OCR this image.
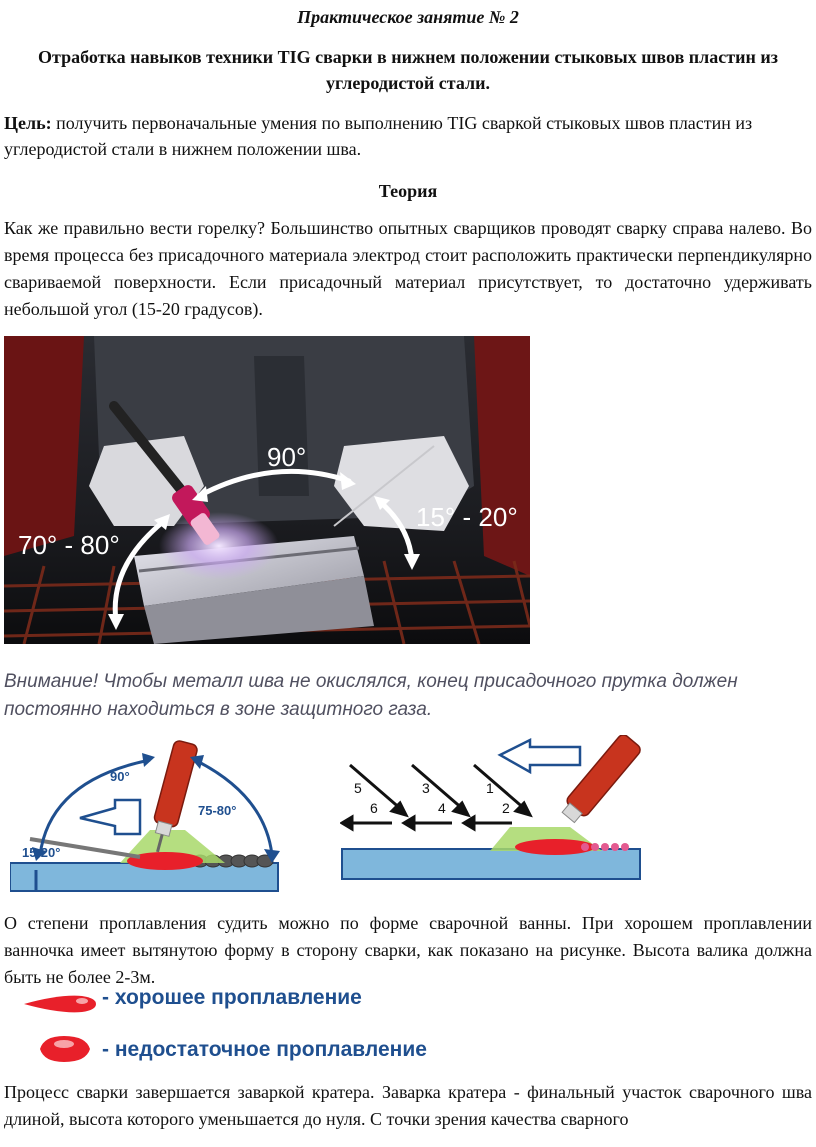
Практическое занятие № 2
Отработка навыков техники TIG сварки в нижнем положении стыковых швов пластин из углеродистой стали.
Цель: получить первоначальные умения по выполнению TIG сваркой стыковых швов пластин из углеродистой стали в нижнем положении шва.
Теория
Как же правильно вести горелку? Большинство опытных сварщиков проводят сварку справа налево. Во время процесса без присадочного материала электрод стоит расположить практически перпендикулярно свариваемой поверхности. Если присадочный материал присутствует, то достаточно удерживать небольшой угол (15-20 градусов).
90°
70° - 80°
15° - 20°
Внимание! Чтобы металл шва не окислялся, конец присадочного прутка должен постоянно находиться в зоне защитного газа.
90°
75-80°
15-20°
1
2
3
4
5
6
О степени проплавления судить можно по форме сварочной ванны. При хорошем проплавлении ванночка имеет вытянутою форму в сторону сварки, как показано на рисунке. Высота валика должна быть не более 2-3м.
- хорошее проплавление
- недостаточное проплавление
Процесс сварки завершается заваркой кратера. Заварка кратера - финальный участок сварочного шва длиной, высота которого уменьшается до нуля. С точки зрения качества сварного
